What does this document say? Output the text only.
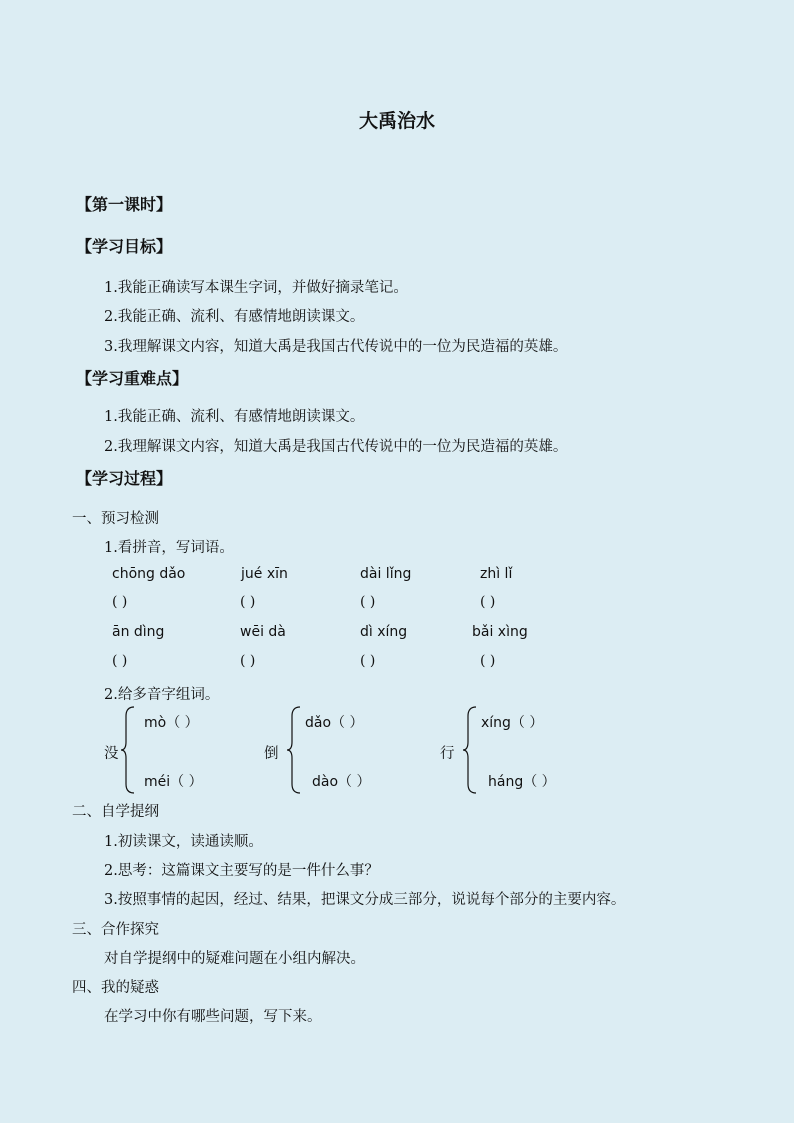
大禹治水
【第一课时】
【学习目标】
1.我能正确读写本课生字词，并做好摘录笔记。
2.我能正确、流利、有感情地朗读课文。
3.我理解课文内容，知道大禹是我国古代传说中的一位为民造福的英雄。
【学习重难点】
1.我能正确、流利、有感情地朗读课文。
2.我理解课文内容，知道大禹是我国古代传说中的一位为民造福的英雄。
【学习过程】
一、预习检测
1.看拼音，写词语。
chōng dǎo	jué xīn	dài lǐng	zhì lǐ
( )	( )	( )	( )
ān dìng	wēi dà	dì xíng	bǎi xìng
( )	( )	( )	( )
2.给多音字组词。
没
mò（ ）
méi（ ）
倒
dǎo（ ）
dào（ ）
行
xíng（ ）
háng（ ）
二、自学提纲
1.初读课文，读通读顺。
2.思考：这篇课文主要写的是一件什么事？
3.按照事情的起因，经过、结果，把课文分成三部分，说说每个部分的主要内容。
三、合作探究
对自学提纲中的疑难问题在小组内解决。
四、我的疑惑
在学习中你有哪些问题，写下来。
